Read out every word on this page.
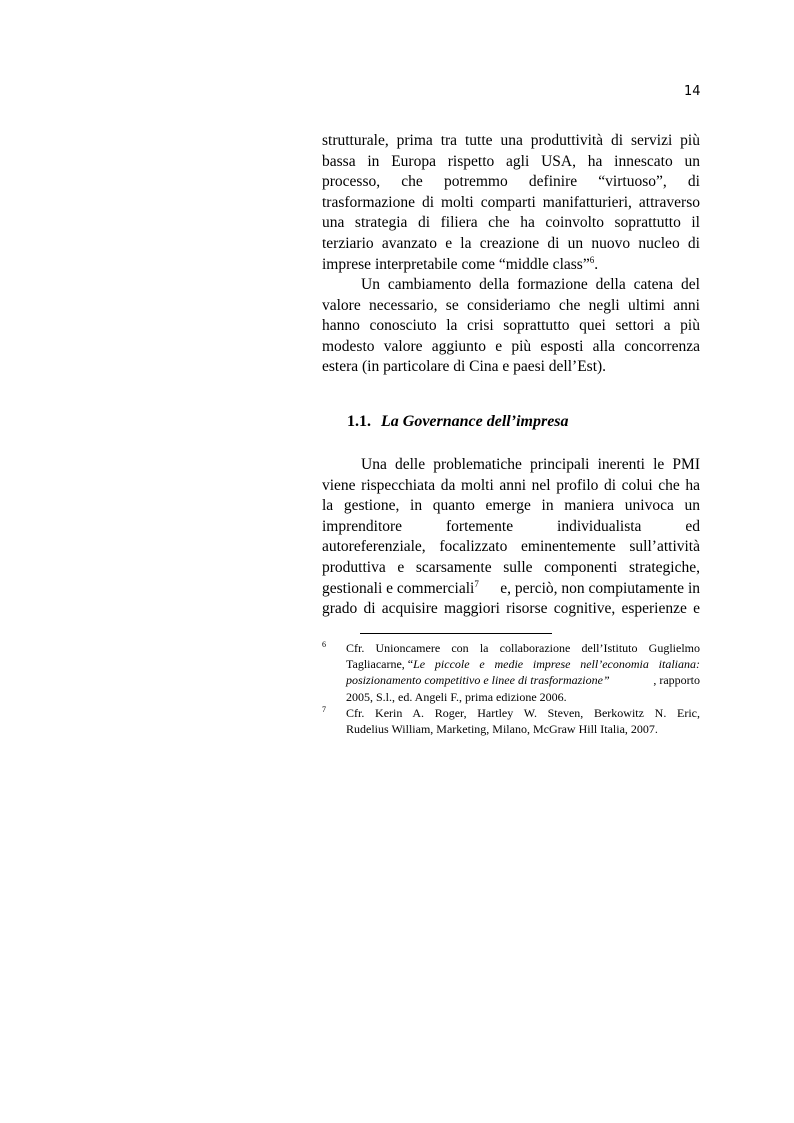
14
strutturale, prima tra tutte una produttività di servizi più
bassa in Europa rispetto agli USA, ha innescato un
processo, che potremmo definire “virtuoso”, di
trasformazione di molti comparti manifatturieri, attraverso
una strategia di filiera che ha coinvolto soprattutto il
terziario avanzato e la creazione di un nuovo nucleo di
imprese interpretabile come “middle class”$^6$.
Un cambiamento della formazione della catena del
valore necessario, se consideriamo che negli ultimi anni
hanno conosciuto la crisi soprattutto quei settori a più
modesto valore aggiunto e più esposti alla concorrenza
estera (in particolare di Cina e paesi dell’Est).
1.1. La Governance dell’impresa
Una delle problematiche principali inerenti le PMI
viene rispecchiata da molti anni nel profilo di colui che ha
la gestione, in quanto emerge in maniera univoca un
imprenditore fortemente individualista ed
autoreferenziale, focalizzato eminentemente sull’attività
produttiva e scarsamente sulle componenti strategiche,
gestionali e commerciali$^7$ e, perciò, non compiutamente in
grado di acquisire maggiori risorse cognitive, esperienze e
6 Cfr. Unioncamere con la collaborazione dell’Istituto Guglielmo
Tagliacarne, “ Le piccole e medie imprese nell’economia italiana:
posizionamento competitivo e linee di trasformazione”	, rapporto
2005, S.l., ed. Angeli F., prima edizione 2006.
7 Cfr. Kerin A. Roger, Hartley W. Steven, Berkowitz N. Eric,
Rudelius William, Marketing, Milano, McGraw Hill Italia, 2007.
